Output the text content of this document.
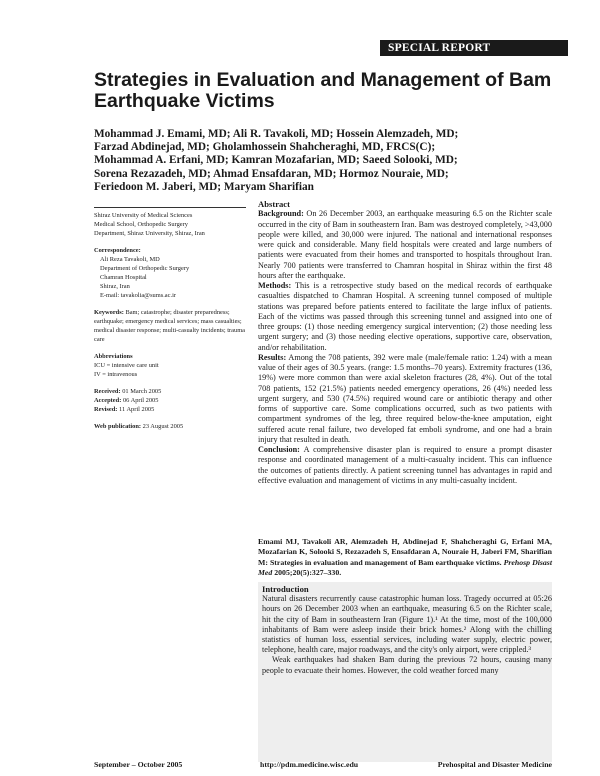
SPECIAL REPORT
Strategies in Evaluation and Management of Bam Earthquake Victims
Mohammad J. Emami, MD; Ali R. Tavakoli, MD; Hossein Alemzadeh, MD;
Farzad Abdinejad, MD; Gholamhossein Shahcheraghi, MD, FRCS(C);
Mohammad A. Erfani, MD; Kamran Mozafarian, MD; Saeed Solooki, MD;
Sorena Rezazadeh, MD; Ahmad Ensafdaran, MD; Hormoz Nouraie, MD;
Feriedoon M. Jaberi, MD; Maryam Sharifian
Shiraz University of Medical Sciences
Medical School, Orthopedic Surgery
Department, Shiraz University, Shiraz, Iran
Correspondence:
Ali Reza Tavakoli, MD
Department of Orthopedic Surgery
Chamran Hospital
Shiraz, Iran
E-mail: tavakolia@sums.ac.ir
Keywords: Bam; catastrophe; disaster preparedness; earthquake; emergency medical services; mass casualties; medical disaster response; multi-casualty incidents; trauma care
Abbreviations
ICU = intensive care unit
IV = intravenous
Received: 01 March 2005
Accepted: 06 April 2005
Revised: 11 April 2005
Web publication: 23 August 2005
Abstract

Background: On 26 December 2003, an earthquake measuring 6.5 on the Richter scale occurred in the city of Bam in southeastern Iran. Bam was destroyed completely, >43,000 people were killed, and 30,000 were injured. The national and international responses were quick and considerable. Many field hospitals were created and large numbers of patients were evacuated from their homes and transported to hospitals throughout Iran. Nearly 700 patients were transferred to Chamran hospital in Shiraz within the first 48 hours after the earthquake.

Methods: This is a retrospective study based on the medical records of earthquake casualties dispatched to Chamran Hospital. A screening tunnel composed of multiple stations was prepared before patients entered to facilitate the large influx of patients. Each of the victims was passed through this screening tunnel and assigned into one of three groups: (1) those needing emergency surgical intervention; (2) those needing less urgent surgery; and (3) those needing elective operations, supportive care, observation, and/or rehabilitation.

Results: Among the 708 patients, 392 were male (male/female ratio: 1.24) with a mean value of their ages of 30.5 years. (range: 1.5 months–70 years). Extremity fractures (136, 19%) were more common than were axial skeleton fractures (28, 4%). Out of the total 708 patients, 152 (21.5%) patients needed emergency operations, 26 (4%) needed less urgent surgery, and 530 (74.5%) required wound care or antibiotic therapy and other forms of supportive care. Some complications occurred, such as two patients with compartment syndromes of the leg, three required below-the-knee amputation, eight suffered acute renal failure, two developed fat emboli syndrome, and one had a brain injury that resulted in death.

Conclusion: A comprehensive disaster plan is required to ensure a prompt disaster response and coordinated management of a multi-casualty incident. This can influence the outcomes of patients directly. A patient screening tunnel has advantages in rapid and effective evaluation and management of victims in any multi-casualty incident.

Emami MJ, Tavakoli AR, Alemzadeh H, Abdinejad F, Shahcheraghi G, Erfani MA, Mozafarian K, Solooki S, Rezazadeh S, Ensafdaran A, Nouraie H, Jaberi FM, Sharifian M: Strategies in evaluation and management of Bam earthquake victims. Prehosp Disast Med 2005;20(5):327–330.
Introduction

Natural disasters recurrently cause catastrophic human loss. Tragedy occurred at 05:26 hours on 26 December 2003 when an earthquake, measuring 6.5 on the Richter scale, hit the city of Bam in southeastern Iran (Figure 1).¹ At the time, most of the 100,000 inhabitants of Bam were asleep inside their brick homes.² Along with the chilling statistics of human loss, essential services, including water supply, electric power, telephone, health care, major roadways, and the city's only airport, were crippled.³

Weak earthquakes had shaken Bam during the previous 72 hours, causing many people to evacuate their homes. However, the cold weather forced many

September – October 2005	http://pdm.medicine.wisc.edu	Prehospital and Disaster Medicine
